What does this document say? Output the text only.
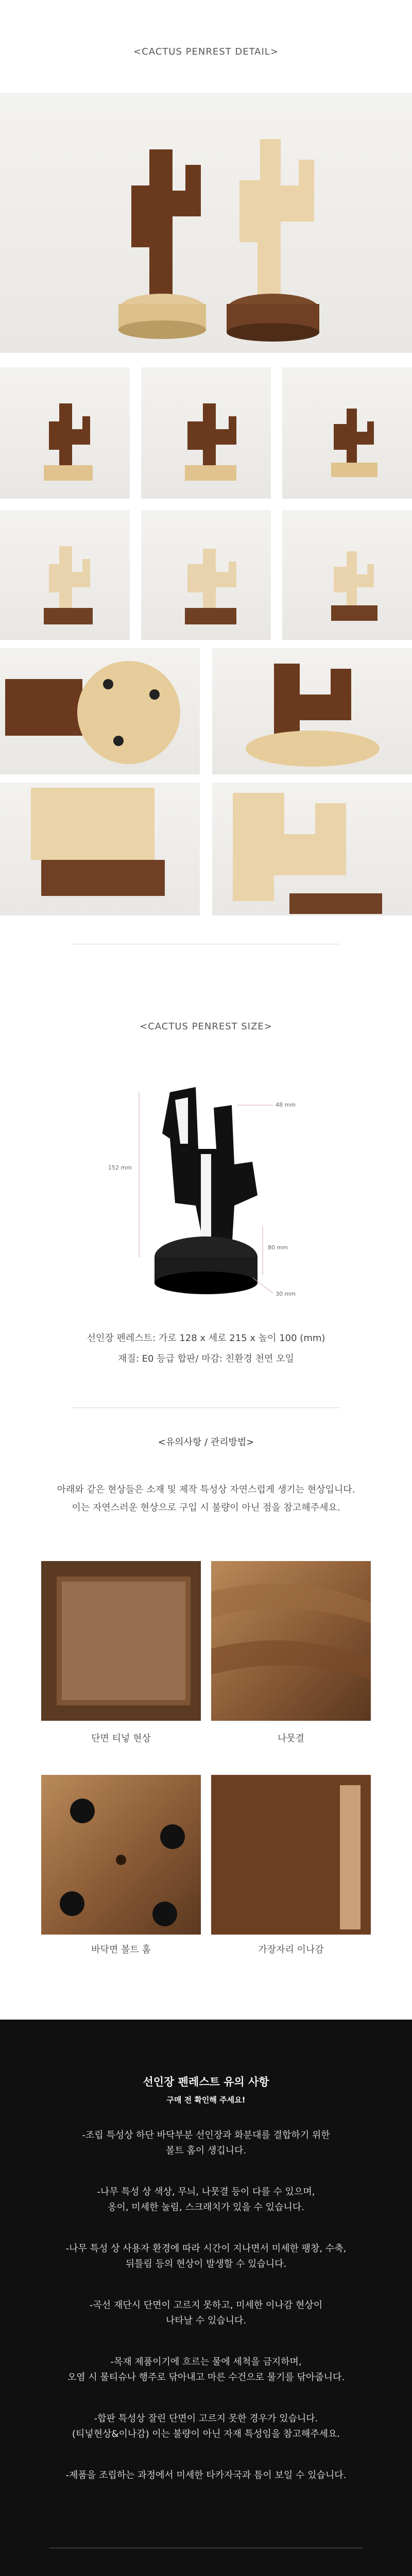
<CACTUS PENREST DETAIL>
<CACTUS PENREST SIZE>
152 mm
48 mm
80 mm
30 mm
선인장 펜레스트: 가로 128 x 세로 215 x 높이 100 (mm)
재질: E0 등급 합판/ 마감: 친환경 천연 오일
<유의사항 / 관리방법>
아래와 같은 현상들은 소재 및 제작 특성상 자연스럽게 생기는 현상입니다.
이는 자연스러운 현상으로 구입 시 불량이 아닌 점을 참고해주세요.
단면 티넣 현상	나뭇결
바닥면 볼트 홈	가장자리 이나감
선인장 펜레스트 유의 사항
구매 전 확인해 주세요!
-조립 특성상 하단 바닥부분 선인장과 화분대를 결합하기 위한
볼트 홈이 생깁니다.
-나무 특성 상 색상, 무늬, 나뭇결 등이 다를 수 있으며,
옹이, 미세한 눌림, 스크래치가 있을 수 있습니다.
-나무 특성 상 사용자 환경에 따라 시간이 지나면서 미세한 팽창, 수축,
뒤틀림 등의 현상이 발생할 수 있습니다.
-곡선 재단시 단면이 고르지 못하고, 미세한 이나감 현상이
나타날 수 있습니다.
-목재 제품이기에 흐르는 물에 세척을 금지하며,
오염 시 물티슈나 행주로 닦아내고 마른 수건으로 물기를 닦아줍니다.
-합판 특성상 잘린 단면이 고르지 못한 경우가 있습니다.
(티넣현상&이나감) 이는 불량이 아닌 자재 특성임을 참고해주세요.
-제품을 조립하는 과정에서 미세한 타카자국과 틈이 보일 수 있습니다.
